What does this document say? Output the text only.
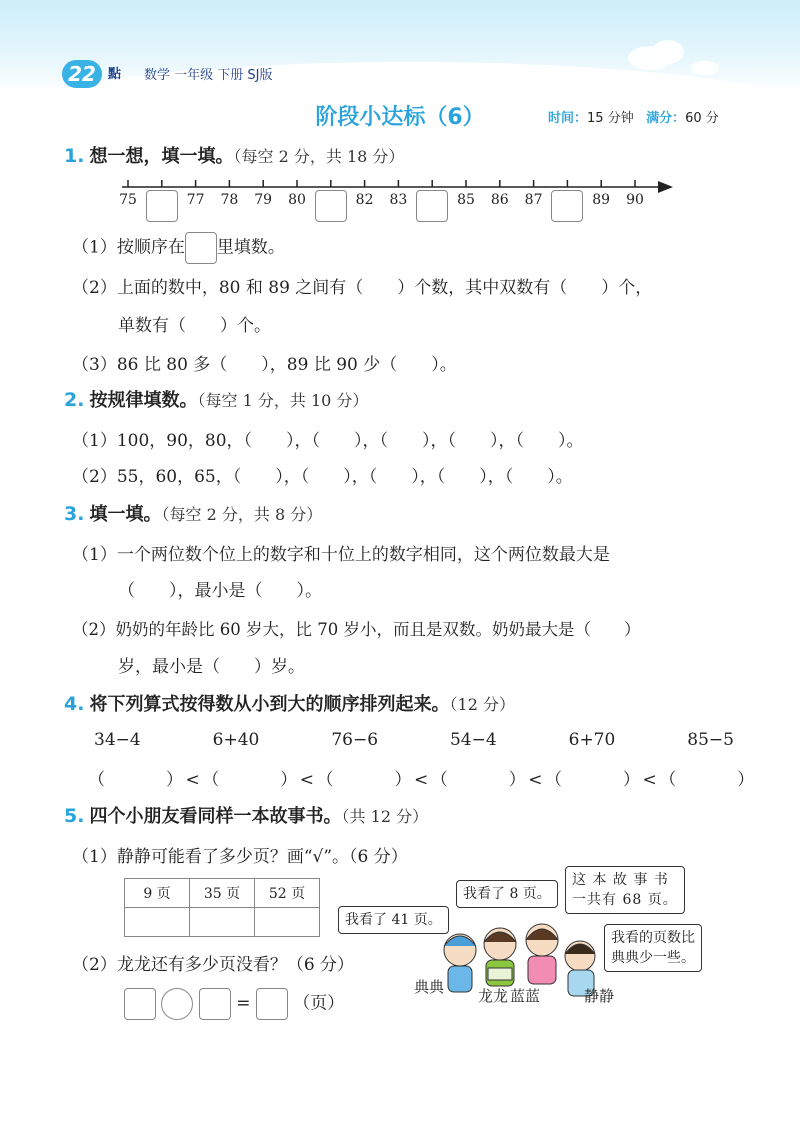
22 點 数学 一年级 下册 SJ版
阶段小达标（6）	时间：15 分钟 满分：60 分
1. 想一想，填一填。（每空 2 分，共 18 分）
75	77 78 79 80	82 83	85 86 87	89 90
（1）按顺序在 里填数。
（2）上面的数中，80 和 89 之间有（　　）个数，其中双数有（　　）个，
单数有（　　）个。
（3）86 比 80 多（　　），89 比 90 少（　　）。
2. 按规律填数。（每空 1 分，共 10 分）
（1）100，90，80，（　　），（　　），（　　），（　　），（　　）。
（2）55，60，65，（　　），（　　），（　　），（　　），（　　）。
3. 填一填。（每空 2 分，共 8 分）
（1）一个两位数个位上的数字和十位上的数字相同，这个两位数最大是
（　　），最小是（　　）。
（2）奶奶的年龄比 60 岁大，比 70 岁小，而且是双数。奶奶最大是（　　）
岁，最小是（　　）岁。
4. 将下列算式按得数从小到大的顺序排列起来。（12 分）
34−4	6+40	76−6	54−4	6+70	85−5
（　　　）<（　　　）<（　　　）<（　　　）<（　　　）<（　　　）
5. 四个小朋友看同样一本故事书。（共 12 分）
（1）静静可能看了多少页？画“√”。（6 分）
9 页	35 页	52 页

（2）龙龙还有多少页没看？（6 分）
=	（页）
我看了 41 页。
我看了 8 页。
这 本 故 事 书
一共有 68 页。
我看的页数比
典典少一些。
典典 龙龙 蓝蓝	静静
